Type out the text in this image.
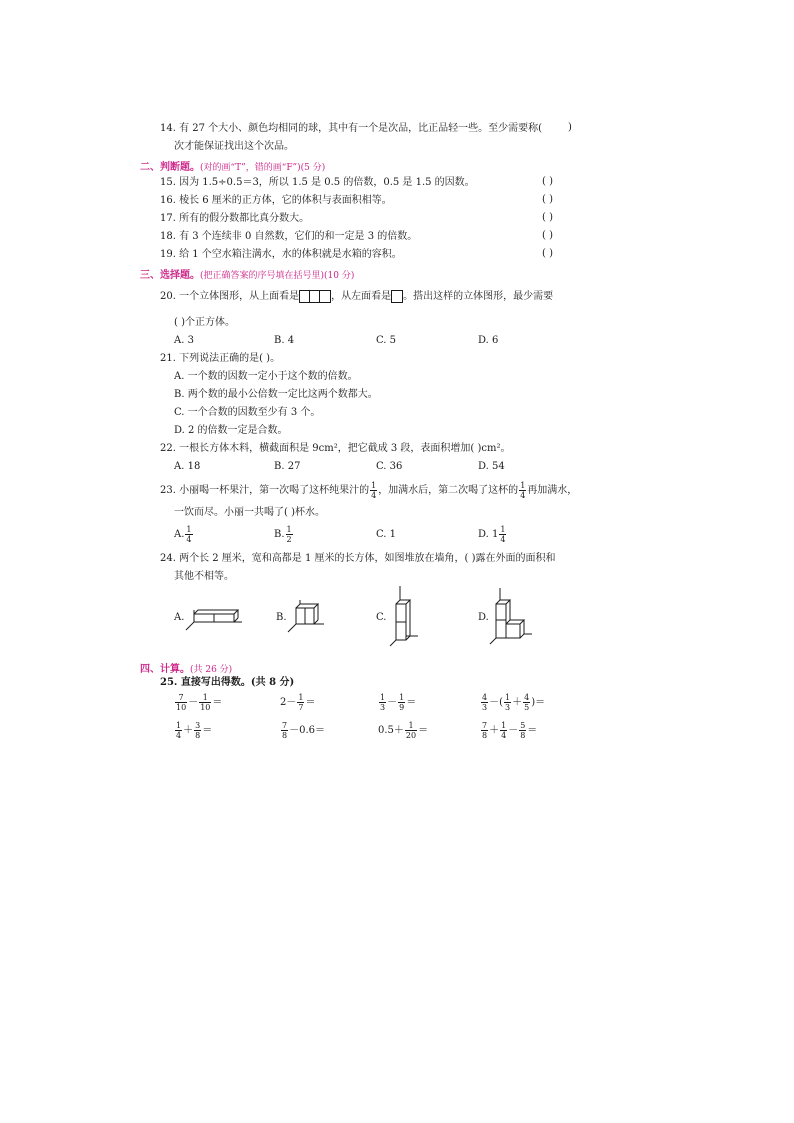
14. 有 27 个大小、颜色均相同的球，其中有一个是次品，比正品轻一些。至少需要称(	)
次才能保证找出这个次品。
二、判断题。(对的画“T”，错的画“F”)(5 分)
15. 因为 1.5÷0.5＝3，所以 1.5 是 0.5 的倍数，0.5 是 1.5 的因数。	( )
16. 棱长 6 厘米的正方体，它的体积与表面积相等。	( )
17. 所有的假分数都比真分数大。	( )
18. 有 3 个连续非 0 自然数，它们的和一定是 3 的倍数。	( )
19. 给 1 个空水箱注满水，水的体积就是水箱的容积。	( )
三、选择题。(把正确答案的序号填在括号里)(10 分)
20. 一个立体图形，从上面看是	，从左面看是 。搭出这样的立体图形，最少需要
( )个正方体。
A. 3	B. 4	C. 5	D. 6
21. 下列说法正确的是( )。
A. 一个数的因数一定小于这个数的倍数。
B. 两个数的最小公倍数一定比这两个数都大。
C. 一个合数的因数至少有 3 个。
D. 2 的倍数一定是合数。
22. 一根长方体木料，横截面积是 9cm²，把它截成 3 段，表面积增加( )cm²。
A. 18	B. 27	C. 36	D. 54
23. 小丽喝一杯果汁，第一次喝了这杯纯果汁的 $\frac{1}{4}$ ，加满水后，第二次喝了这杯的 $\frac{1}{4}$ 再加满水，
一饮而尽。小丽一共喝了( )杯水。
A. $\frac{1}{4}$	B. $\frac{1}{2}$	C. 1	D. $1 \frac{1}{4}$
24. 两个长 2 厘米，宽和高都是 1 厘米的长方体，如图堆放在墙角，( )露在外面的面积和
其他不相等。
A.	B.	C.	D.
四、计算。(共 26 分)
25. 直接写出得数。(共 8 分)
$\frac{7}{10} - \frac{1}{10}$ ＝	$2- \frac{1}{7}$ ＝	$\frac{1}{3} - \frac{1}{9}$ ＝	$\frac{4}{3}$ －( $\frac{1}{3} + \frac{4}{5}$ )＝
$\frac{1}{4} + \frac{3}{8}$ ＝	$\frac{7}{8} -0.6=$	$0.5+ \frac{1}{20}$ ＝	$\frac{7}{8} + \frac{1}{4} - \frac{5}{8}$ ＝
